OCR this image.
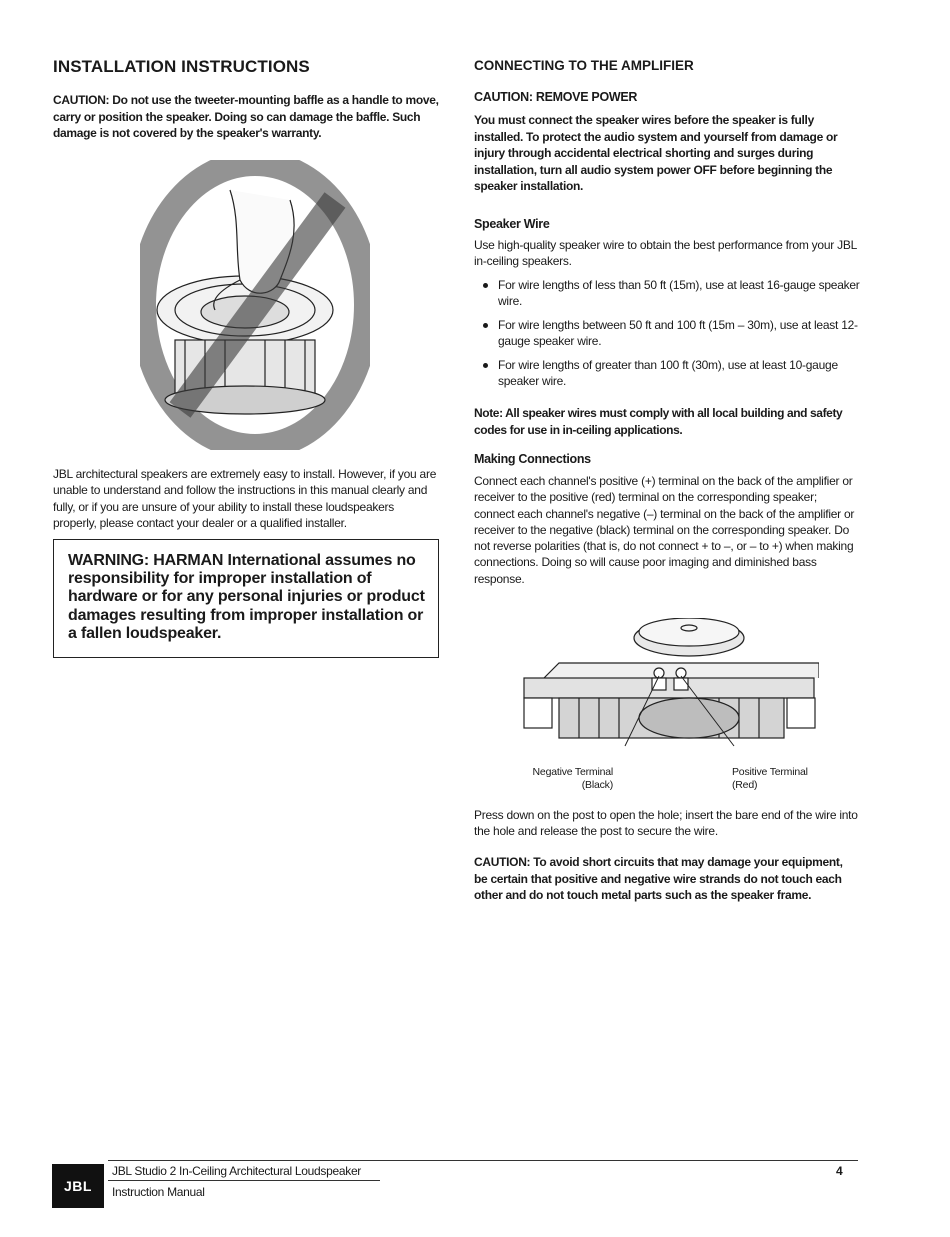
INSTALLATION INSTRUCTIONS

CAUTION: Do not use the tweeter-mounting baffle as a handle to move, carry or position the speaker. Doing so can damage the baffle. Such damage is not covered by the speaker's warranty.

JBL architectural speakers are extremely easy to install. However, if you are unable to understand and follow the instructions in this manual clearly and fully, or if you are unsure of your ability to install these loudspeakers properly, please contact your dealer or a qualified installer.

WARNING: HARMAN International assumes no responsibility for improper installation of hardware or for any personal injuries or product damages resulting from improper installation or a fallen loudspeaker.

CONNECTING TO THE AMPLIFIER

CAUTION: REMOVE POWER

You must connect the speaker wires before the speaker is fully installed. To protect the audio system and yourself from damage or injury through accidental electrical shorting and surges during installation, turn all audio system power OFF before beginning the speaker installation.

Speaker Wire

Use high-quality speaker wire to obtain the best performance from your JBL in-ceiling speakers.

For wire lengths of less than 50 ft (15m), use at least 16-gauge speaker wire.
For wire lengths between 50 ft and 100 ft (15m – 30m), use at least 12-gauge speaker wire.
For wire lengths of greater than 100 ft (30m), use at least 10-gauge speaker wire.

Note: All speaker wires must comply with all local building and safety codes for use in in-ceiling applications.

Making Connections

Connect each channel's positive (+) terminal on the back of the amplifier or receiver to the positive (red) terminal on the corresponding speaker; connect each channel's negative (–) terminal on the back of the amplifier or receiver to the negative (black) terminal on the corresponding speaker. Do not reverse polarities (that is, do not connect + to –, or – to +) when making connections. Doing so will cause poor imaging and diminished bass response.

Negative Terminal
(Black)
Positive Terminal
(Red)

Press down on the post to open the hole; insert the bare end of the wire into the hole and release the post to secure the wire.

CAUTION: To avoid short circuits that may damage your equipment, be certain that positive and negative wire strands do not touch each other and do not touch metal parts such as the speaker frame.

JBL
JBL Studio 2 In-Ceiling Architectural Loudspeaker
Instruction Manual
4
